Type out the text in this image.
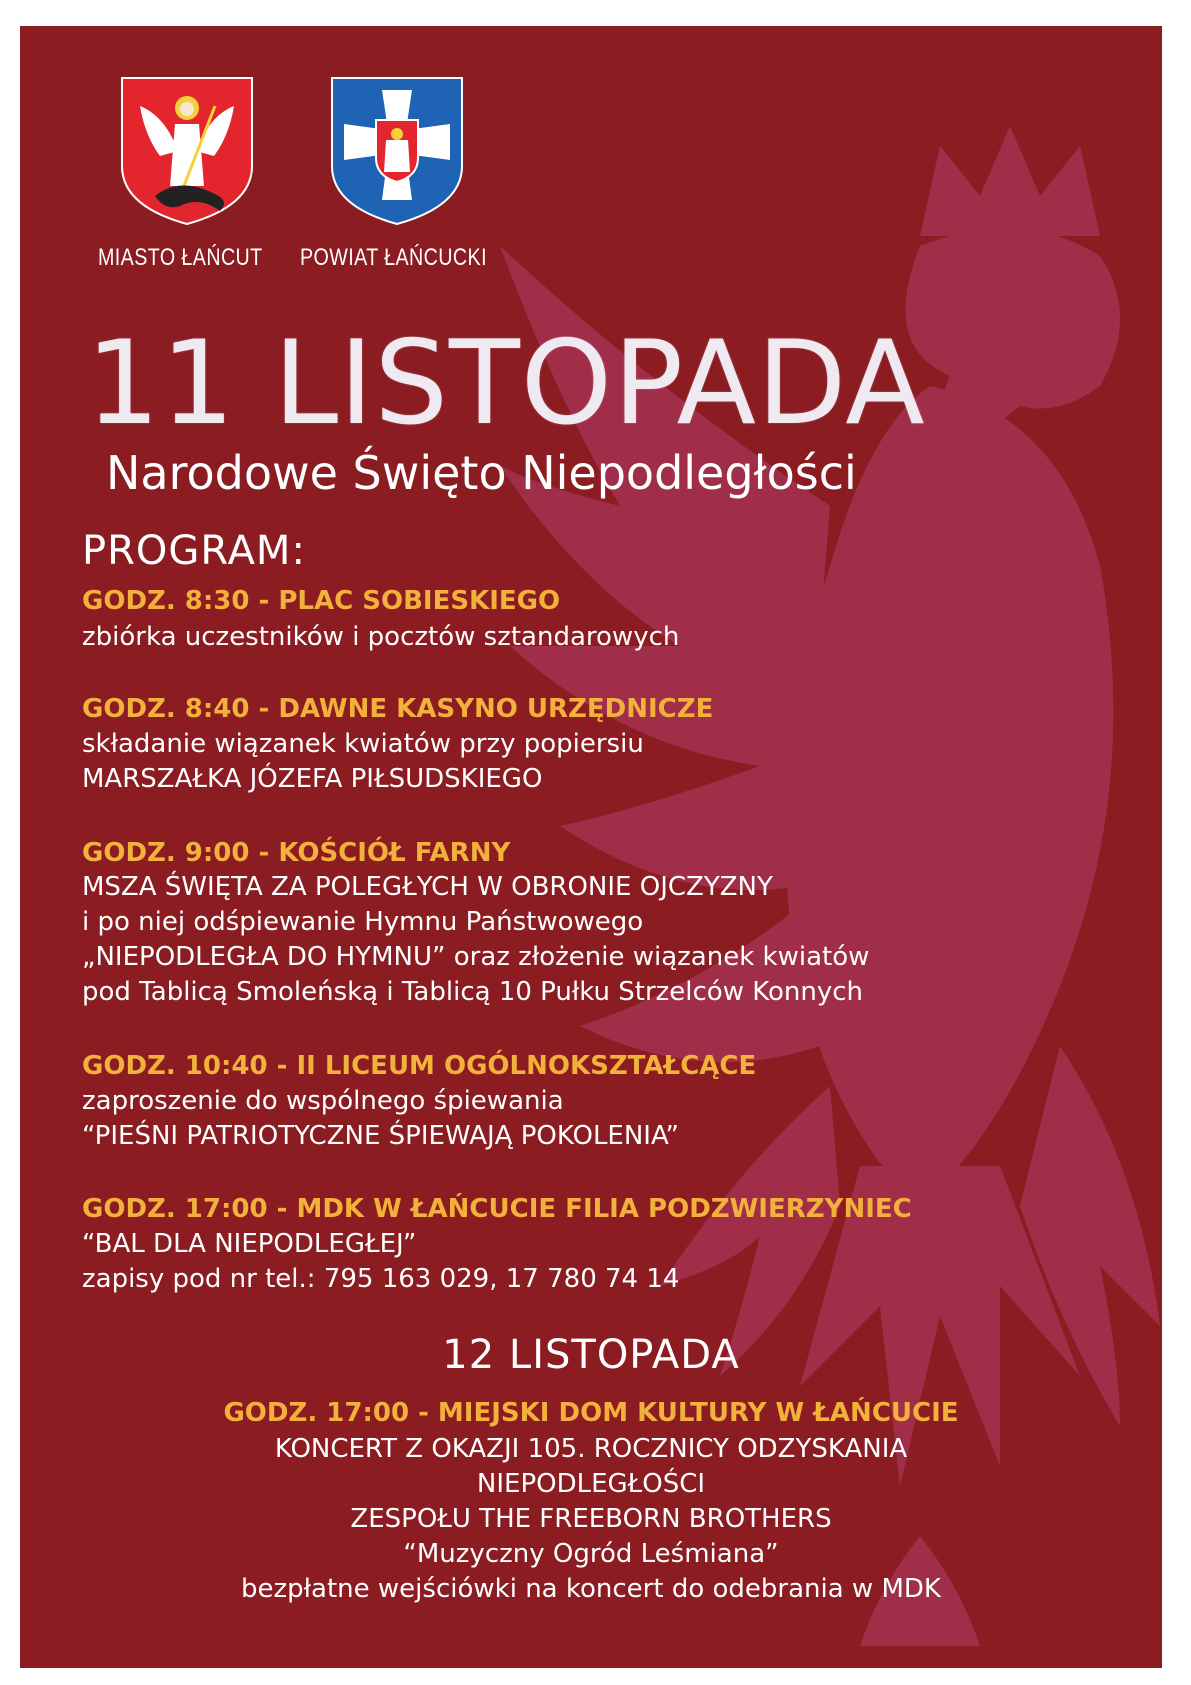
MIASTO ŁAŃCUT POWIAT ŁAŃCUCKI
11 LISTOPADA
Narodowe Święto Niepodległości
PROGRAM:
GODZ. 8:30 - PLAC SOBIESKIEGO
zbiórka uczestników i pocztów sztandarowych
GODZ. 8:40 - DAWNE KASYNO URZĘDNICZE
składanie wiązanek kwiatów przy popiersiu
MARSZAŁKA JÓZEFA PIŁSUDSKIEGO
GODZ. 9:00 - KOŚCIÓŁ FARNY
MSZA ŚWIĘTA ZA POLEGŁYCH W OBRONIE OJCZYZNY
i po niej odśpiewanie Hymnu Państwowego
„NIEPODLEGŁA DO HYMNU” oraz złożenie wiązanek kwiatów
pod Tablicą Smoleńską i Tablicą 10 Pułku Strzelców Konnych
GODZ. 10:40 - II LICEUM OGÓLNOKSZTAŁCĄCE
zaproszenie do wspólnego śpiewania
“PIEŚNI PATRIOTYCZNE ŚPIEWAJĄ POKOLENIA”
GODZ. 17:00 - MDK W ŁAŃCUCIE FILIA PODZWIERZYNIEC
“BAL DLA NIEPODLEGŁEJ”
zapisy pod nr tel.: 795 163 029, 17 780 74 14
12 LISTOPADA
GODZ. 17:00 - MIEJSKI DOM KULTURY W ŁAŃCUCIE
KONCERT Z OKAZJI 105. ROCZNICY ODZYSKANIA
NIEPODLEGŁOŚCI
ZESPOŁU THE FREEBORN BROTHERS
“Muzyczny Ogród Leśmiana”
bezpłatne wejściówki na koncert do odebrania w MDK
